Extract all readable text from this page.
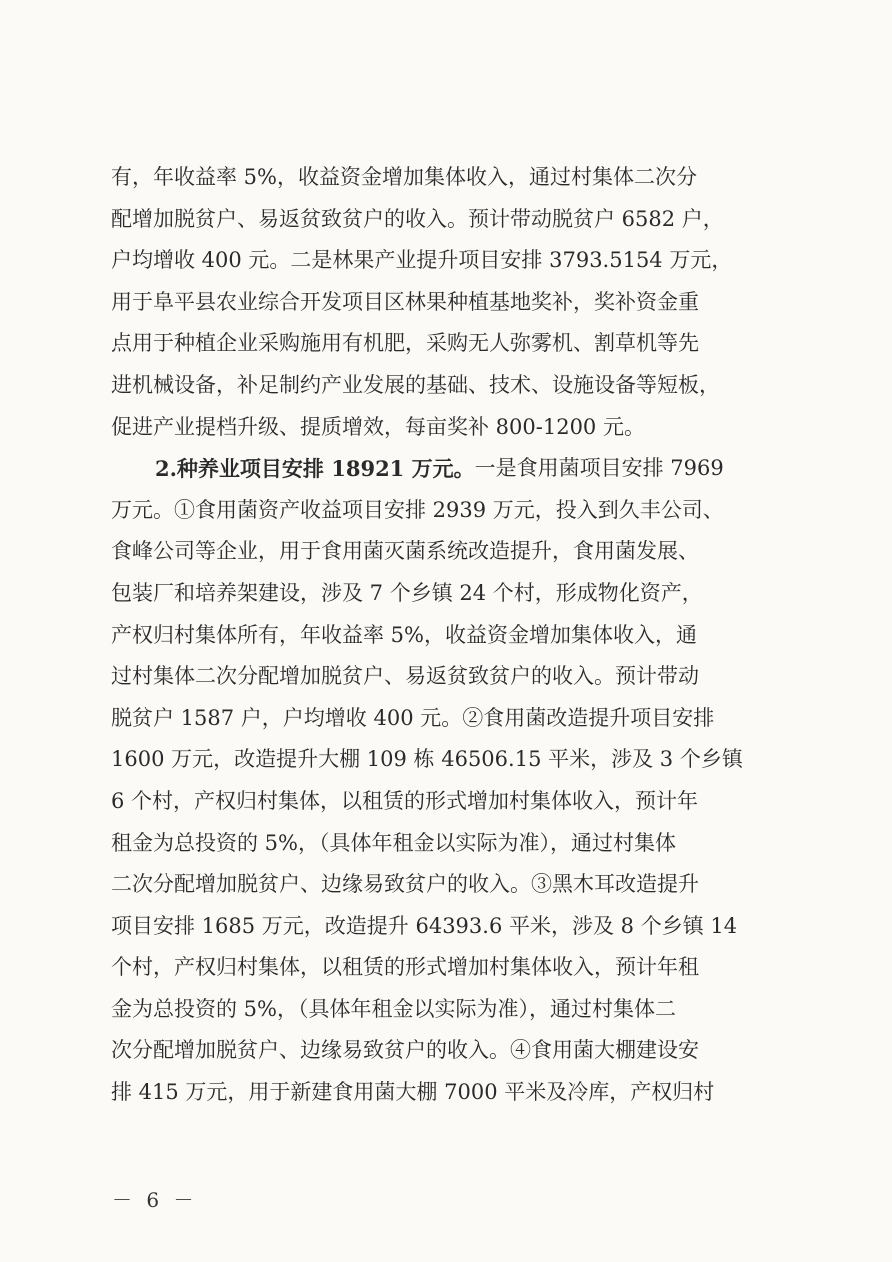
有，年收益率 5%，收益资金增加集体收入，通过村集体二次分
配增加脱贫户、易返贫致贫户的收入。预计带动脱贫户 6582 户，
户均增收 400 元。二是林果产业提升项目安排 3793.5154 万元，
用于阜平县农业综合开发项目区林果种植基地奖补，奖补资金重
点用于种植企业采购施用有机肥，采购无人弥雾机、割草机等先
进机械设备，补足制约产业发展的基础、技术、设施设备等短板，
促进产业提档升级、提质增效，每亩奖补 800-1200 元。
2.种养业项目安排 18921 万元。 一是食用菌项目安排 7969
万元。①食用菌资产收益项目安排 2939 万元，投入到久丰公司、
食峰公司等企业，用于食用菌灭菌系统改造提升，食用菌发展、
包装厂和培养架建设，涉及 7 个乡镇 24 个村，形成物化资产，
产权归村集体所有，年收益率 5%，收益资金增加集体收入，通
过村集体二次分配增加脱贫户、易返贫致贫户的收入。预计带动
脱贫户 1587 户，户均增收 400 元。②食用菌改造提升项目安排
1600 万元，改造提升大棚 109 栋 46506.15 平米，涉及 3 个乡镇
6 个村，产权归村集体，以租赁的形式增加村集体收入，预计年
租金为总投资的 5%，（具体年租金以实际为准），通过村集体
二次分配增加脱贫户、边缘易致贫户的收入。③黑木耳改造提升
项目安排 1685 万元，改造提升 64393.6 平米，涉及 8 个乡镇 14
个村，产权归村集体，以租赁的形式增加村集体收入，预计年租
金为总投资的 5%，（具体年租金以实际为准），通过村集体二
次分配增加脱贫户、边缘易致贫户的收入。④食用菌大棚建设安
排 415 万元，用于新建食用菌大棚 7000 平米及冷库，产权归村
－ 6 －
